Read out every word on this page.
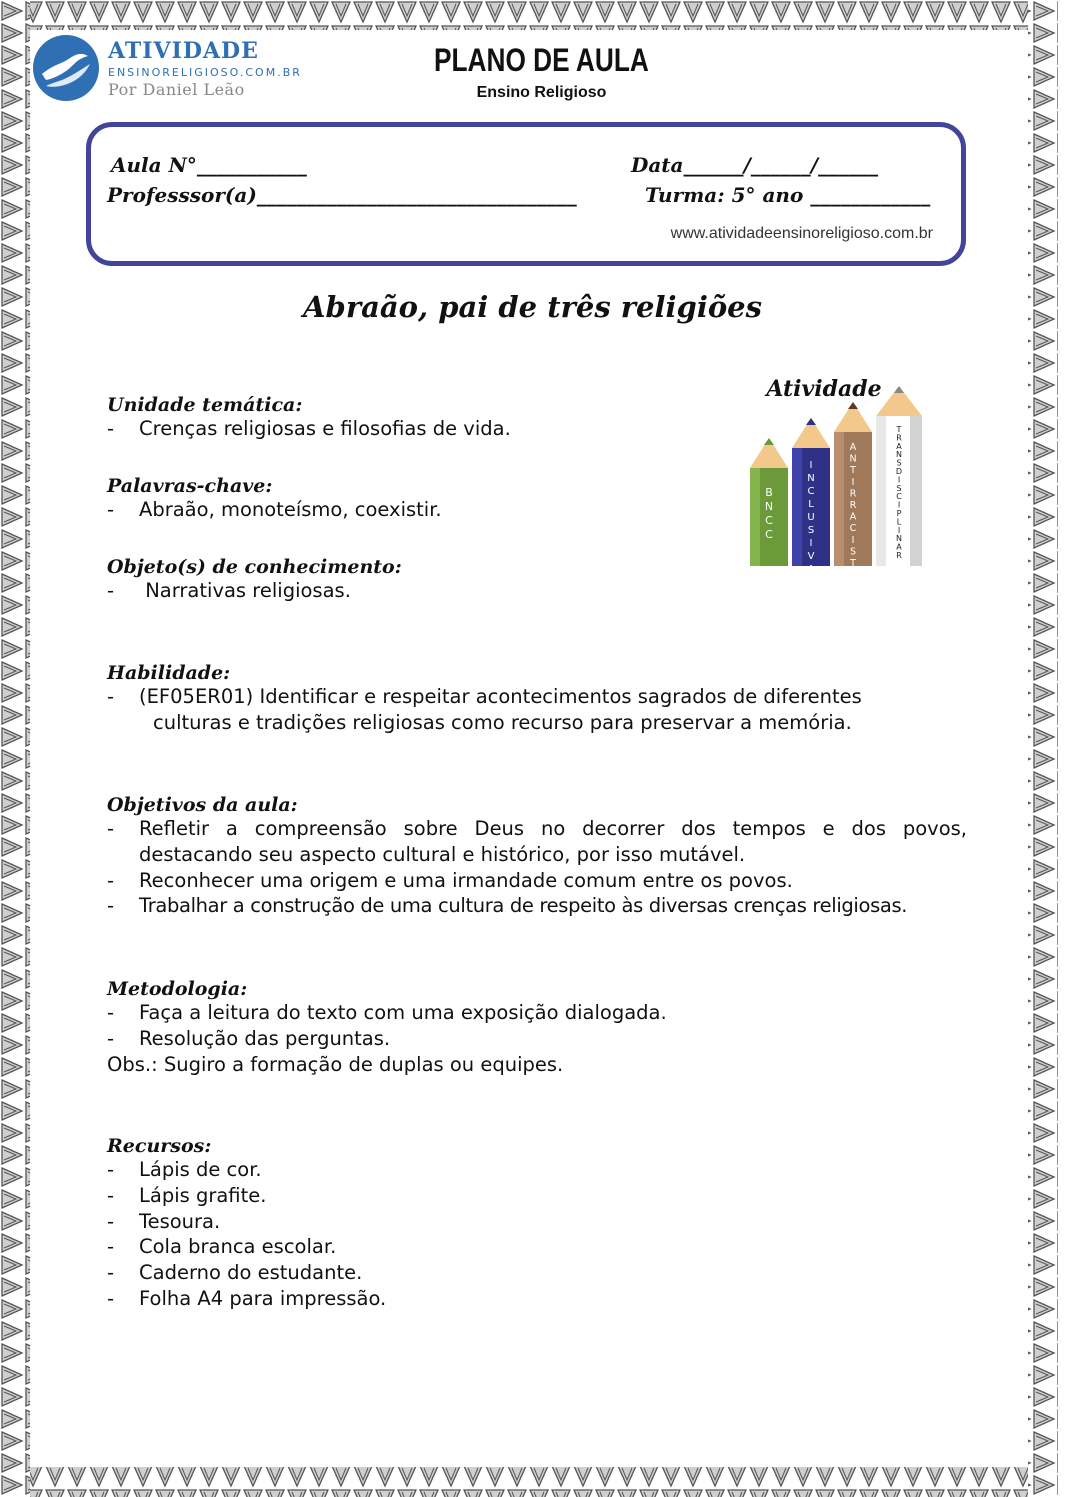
ATIVIDADE
ENSINORELIGIOSO.COM.BR
Por Daniel Leão
PLANO DE AULA
Ensino Religioso
Aula N°___________	Data______/______/______
Professsor(a)________________________________	Turma: 5° ano ____________
www.atividadeensinoreligioso.com.br
Abraão, pai de três religiões
Atividade
B N C C
I N C L U S I V A
A N T I R R A C I S T A
T R A N S D I S C I P L I N A R

Unidade temática:

- Crenças religiosas e filosofias de vida.

Palavras-chave:

- Abraão, monoteísmo, coexistir.

Objeto(s) de conhecimento:

- Narrativas religiosas.

Habilidade:

- (EF05ER01) Identificar e respeitar acontecimentos sagrados de diferentes
culturas e tradições religiosas como recurso para preservar a memória.

Objetivos da aula:

- Refletir a compreensão sobre Deus no decorrer dos tempos e dos povos, destacando seu aspecto cultural e histórico, por isso mutável.
- Reconhecer uma origem e uma irmandade comum entre os povos.
- Trabalhar a construção de uma cultura de respeito às diversas crenças religiosas.

Metodologia:

- Faça a leitura do texto com uma exposição dialogada.
- Resolução das perguntas.
Obs.: Sugiro a formação de duplas ou equipes.

Recursos:

- Lápis de cor.
- Lápis grafite.
- Tesoura.
- Cola branca escolar.
- Caderno do estudante.
- Folha A4 para impressão.
